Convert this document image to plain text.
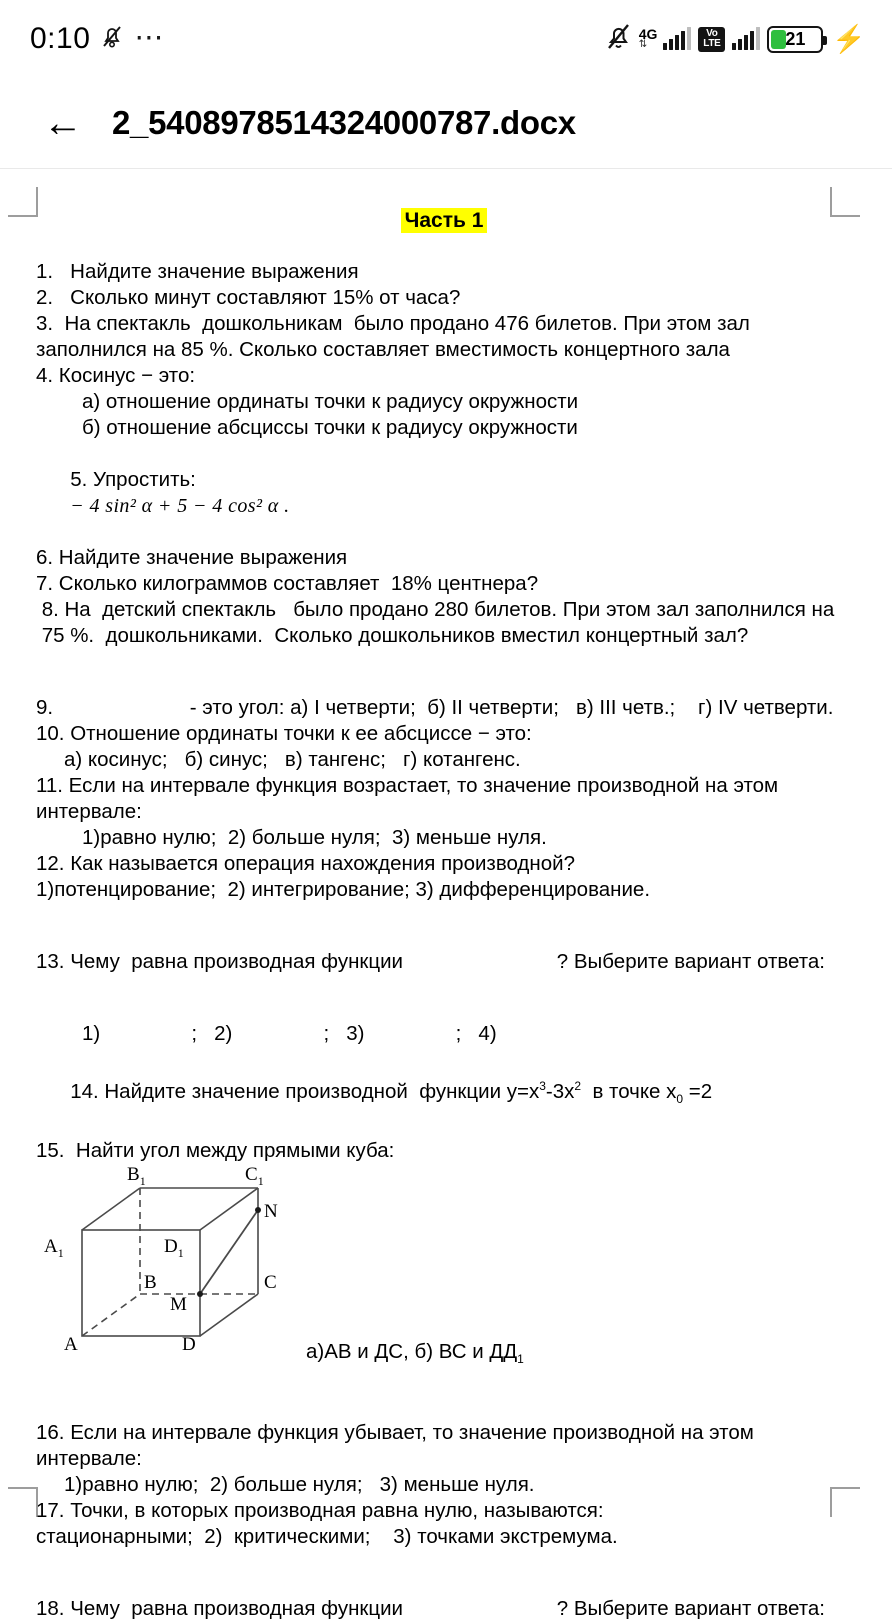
0:10 ⋯	4G
⇅
Vo
LTE	21 ⚡
← 2_5408978514324000787.docx
Часть 1
1.   Найдите значение выражения
2.   Сколько минут составляют 15% от часа?
3.  На спектакль  дошкольникам  было продано 476 билетов. При этом зал заполнился на 85 %. Сколько составляет вместимость концертного зала
4. Косинус − это:
а) отношение ординаты точки к радиусу окружности
б) отношение абсциссы точки к радиусу окружности

5. Упростить:
− 4 sin² α + 5 − 4 cos² α .

6. Найдите значение выражения
7. Сколько килограммов составляет  18% центнера?
8. На  детский спектакль   было продано 280 билетов. При этом зал заполнился на
75 %.  дошкольниками.  Сколько дошкольников вместил концертный зал?
9.                        - это угол: а) I четверти;  б) II четверти;   в) III четв.;    г) IV четверти.
10. Отношение ординаты точки к ее абсциссе − это:
а) косинус;   б) синус;   в) тангенс;   г) котангенс.
11. Если на интервале функция возрастает, то значение производной на этом интервале:
1)равно нулю;  2) больше нуля;  3) меньше нуля.
12. Как называется операция нахождения производной?
1)потенцирование;  2) интегрирование; 3) дифференцирование.
13. Чему  равна производная функции                           ? Выберите вариант ответа:
1)                ;   2)                ;   3)                ;   4)

14. Найдите значение производной  функции $у=х^3-3х^2$  в точке $х_0 =2$

15.  Найти угол между прямыми куба:
$B_1$	$C_1$
$A_1$	$D_1$
N
B	C
M
A	D	а)АВ и ДС, б) ВС и $ДД_1$
16. Если на интервале функция убывает, то значение производной на этом интервале:
1)равно нулю;  2) больше нуля;   3) меньше нуля.
17. Точки, в которых производная равна нулю, называются:
стационарными;  2)  критическими;    3) точками экстремума.
18. Чему  равна производная функции                           ? Выберите вариант ответа:
